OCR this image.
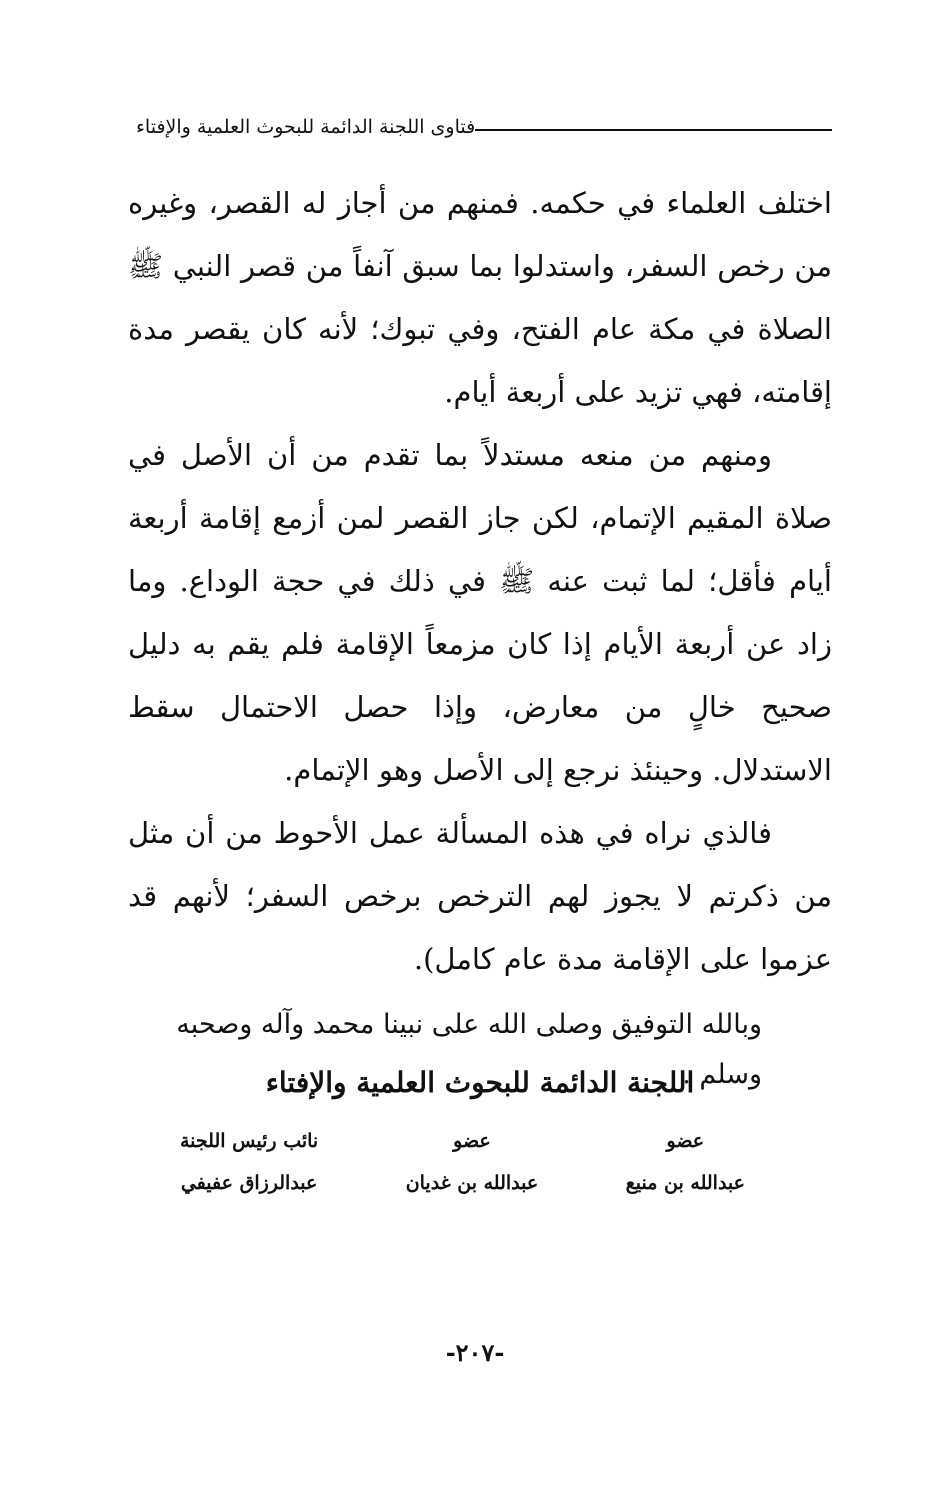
فتاوى اللجنة الدائمة للبحوث العلمية والإفتاء

اختلف العلماء في حكمه. فمنهم من أجاز له القصر، وغيره من رخص السفر، واستدلوا بما سبق آنفاً من قصر النبي ﷺ الصلاة في مكة عام الفتح، وفي تبوك؛ لأنه كان يقصر مدة إقامته، فهي تزيد على أربعة أيام.

ومنهم من منعه مستدلاً بما تقدم من أن الأصل في صلاة المقيم الإتمام، لكن جاز القصر لمن أزمع إقامة أربعة أيام فأقل؛ لما ثبت عنه ﷺ في ذلك في حجة الوداع. وما زاد عن أربعة الأيام إذا كان مزمعاً الإقامة فلم يقم به دليل صحيح خالٍ من معارض، وإذا حصل الاحتمال سقط الاستدلال. وحينئذ نرجع إلى الأصل وهو الإتمام.

فالذي نراه في هذه المسألة عمل الأحوط من أن مثل من ذكرتم لا يجوز لهم الترخص برخص السفر؛ لأنهم قد عزموا على الإقامة مدة عام كامل).

وبالله التوفيق وصلى الله على نبينا محمد وآله وصحبه وسلم .
اللجنة الدائمة للبحوث العلمية والإفتاء
عضو
عبدالله بن منيع
عضو
عبدالله بن غديان
نائب رئيس اللجنة
عبدالرزاق عفيفي
-٢٠٧-
